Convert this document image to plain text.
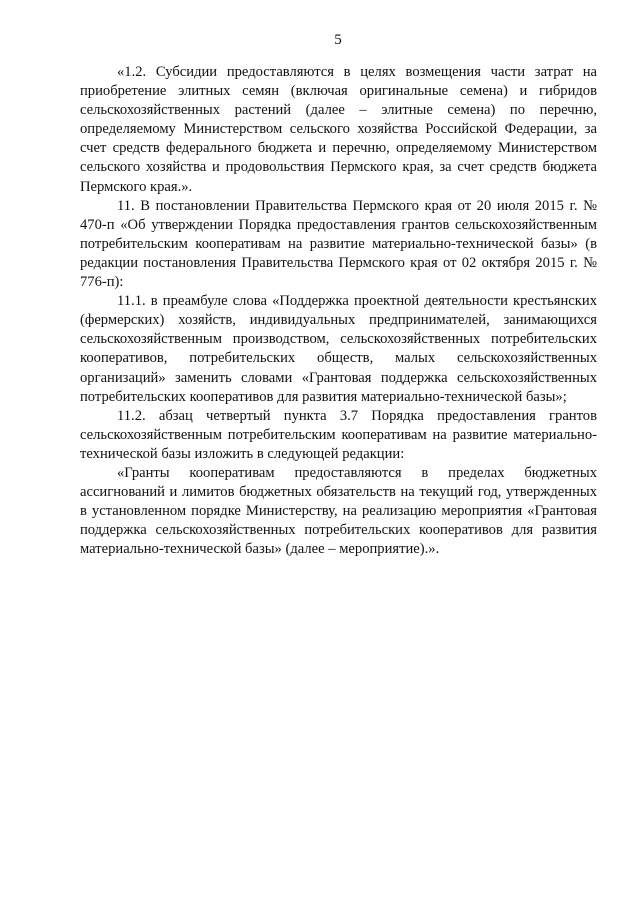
5

«1.2. Субсидии предоставляются в целях возмещения части затрат на приобретение элитных семян (включая оригинальные семена) и гибридов сельскохозяйственных растений (далее – элитные семена) по перечню, определяемому Министерством сельского хозяйства Российской Федерации, за счет средств федерального бюджета и перечню, определяемому Министерством сельского хозяйства и продовольствия Пермского края, за счет средств бюджета Пермского края.».

11. В постановлении Правительства Пермского края от 20 июля 2015 г. № 470-п «Об утверждении Порядка предоставления грантов сельскохозяйственным потребительским кооперативам на развитие материально-технической базы» (в редакции постановления Правительства Пермского края от 02 октября 2015 г. № 776-п):

11.1. в преамбуле слова «Поддержка проектной деятельности крестьянских (фермерских) хозяйств, индивидуальных предпринимателей, занимающихся сельскохозяйственным производством, сельскохозяйственных потребительских кооперативов, потребительских обществ, малых сельскохозяйственных организаций» заменить словами «Грантовая поддержка сельскохозяйственных потребительских кооперативов для развития материально-технической базы»;

11.2. абзац четвертый пункта 3.7 Порядка предоставления грантов сельскохозяйственным потребительским кооперативам на развитие материально-технической базы изложить в следующей редакции:

«Гранты кооперативам предоставляются в пределах бюджетных ассигнований и лимитов бюджетных обязательств на текущий год, утвержденных в установленном порядке Министерству, на реализацию мероприятия «Грантовая поддержка сельскохозяйственных потребительских кооперативов для развития материально-технической базы» (далее – мероприятие).».
